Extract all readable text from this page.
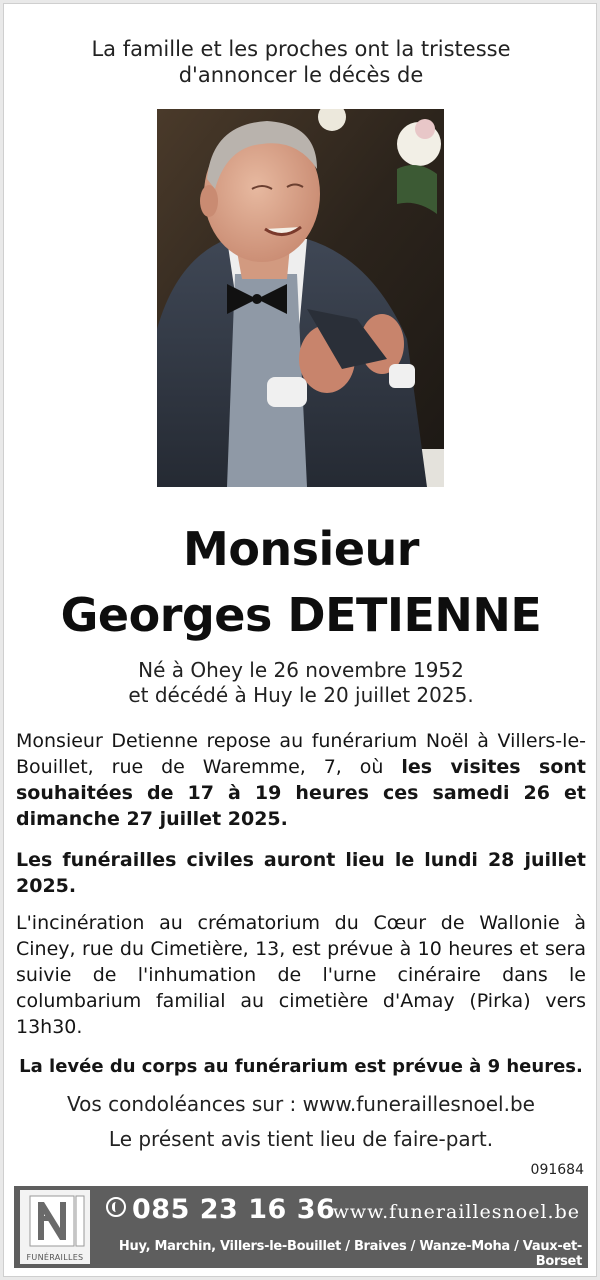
La famille et les proches ont la tristesse
d'annoncer le décès de
Monsieur
Georges DETIENNE
Né à Ohey le 26 novembre 1952
et décédé à Huy le 20 juillet 2025.
Monsieur Detienne repose au funérarium Noël à Villers-le-Bouillet, rue de Waremme, 7, où les visites sont souhaitées de 17 à 19 heures ces samedi 26 et dimanche 27 juillet 2025.
Les funérailles civiles auront lieu le lundi 28 juillet 2025.
L'incinération au crématorium du Cœur de Wallonie à Ciney, rue du Cimetière, 13, est prévue à 10 heures et sera suivie de l'inhumation de l'urne cinéraire dans le columbarium familial au cimetière d'Amay (Pirka) vers 13h30.
La levée du corps au funérarium est prévue à 9 heures.
Vos condoléances sur : www.funeraillesnoel.be
Le présent avis tient lieu de faire-part.
091684
FUNÉRAILLES
085 23 16 36
www.funeraillesnoel.be
Huy, Marchin, Villers-le-Bouillet / Braives / Wanze-Moha / Vaux-et-Borset
